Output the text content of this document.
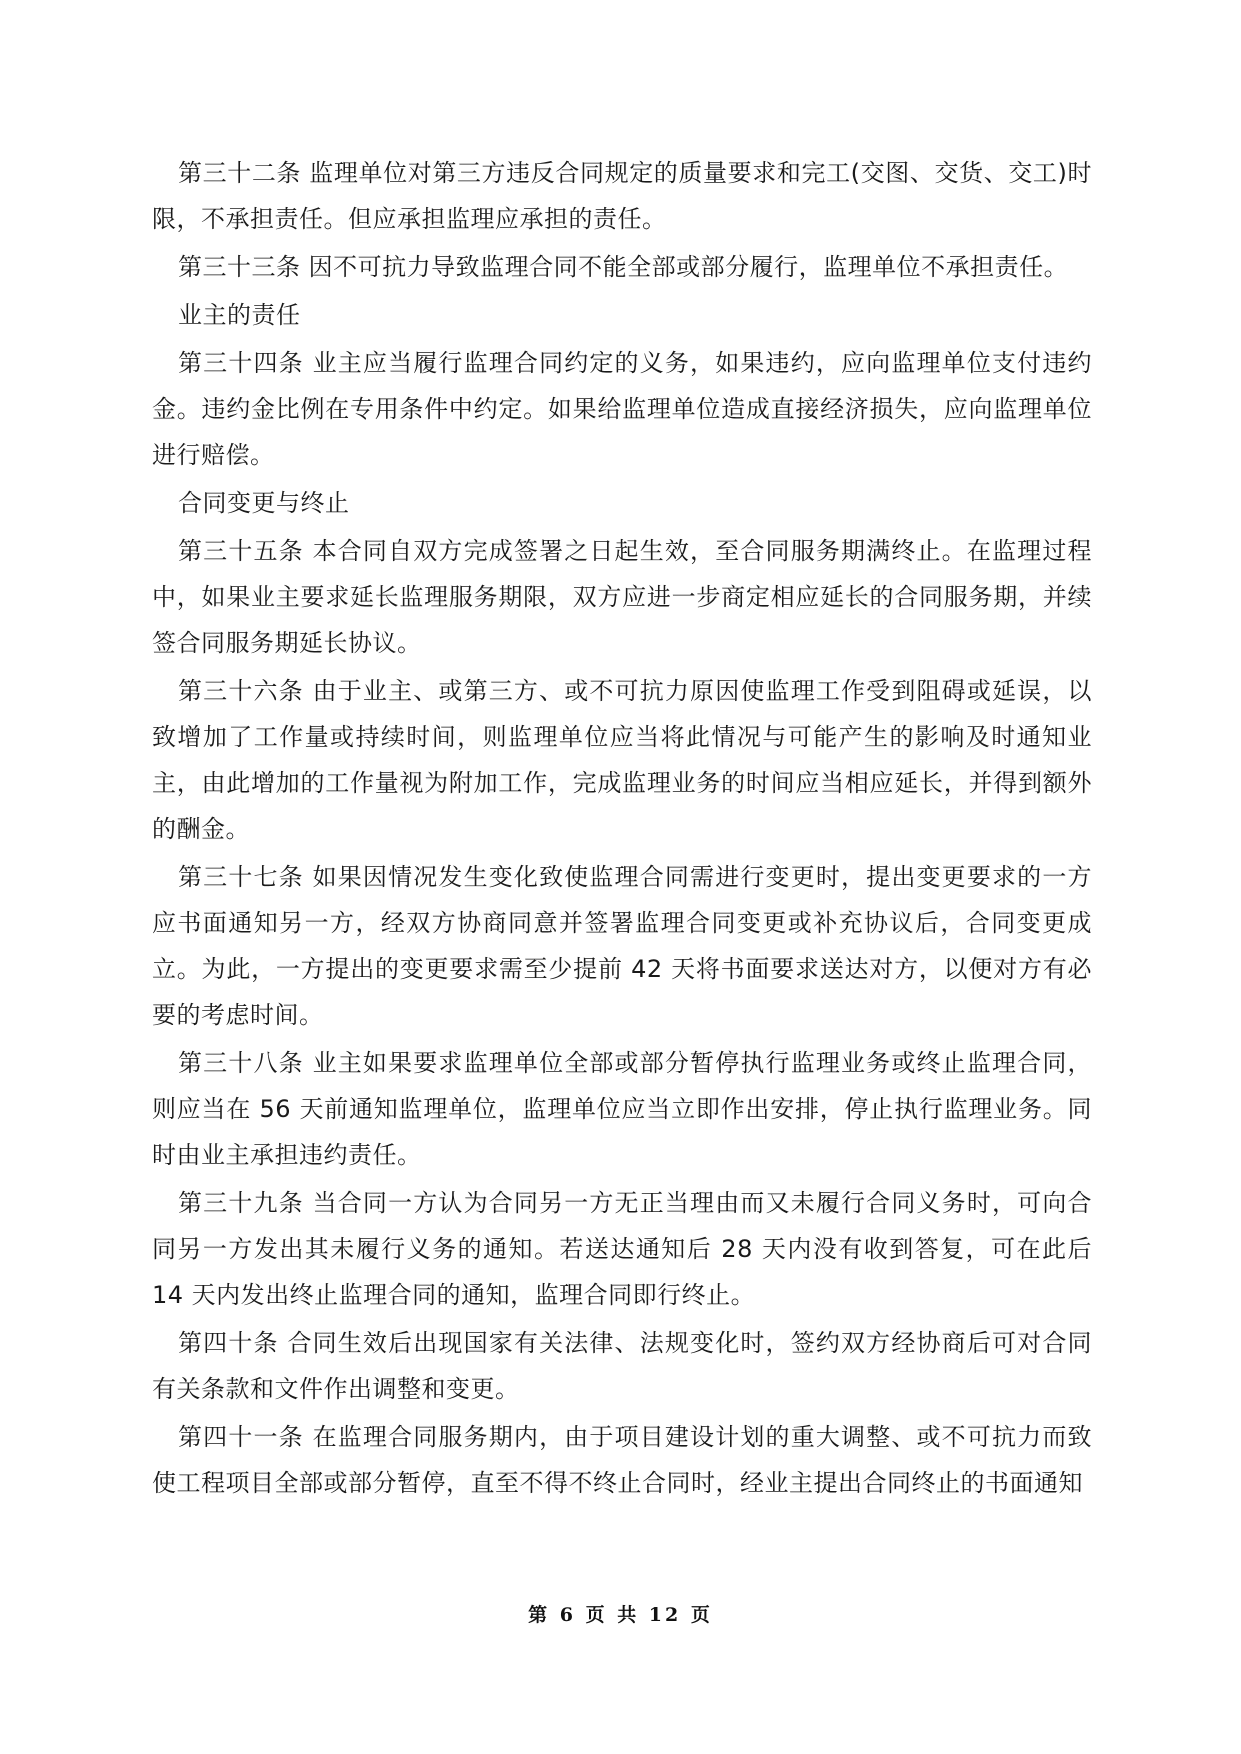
第三十二条 监理单位对第三方违反合同规定的质量要求和完工(交图、交货、交工)时限，不承担责任。但应承担监理应承担的责任。

第三十三条 因不可抗力导致监理合同不能全部或部分履行，监理单位不承担责任。

业主的责任

第三十四条 业主应当履行监理合同约定的义务，如果违约，应向监理单位支付违约金。违约金比例在专用条件中约定。如果给监理单位造成直接经济损失，应向监理单位进行赔偿。

合同变更与终止

第三十五条 本合同自双方完成签署之日起生效，至合同服务期满终止。在监理过程中，如果业主要求延长监理服务期限，双方应进一步商定相应延长的合同服务期，并续签合同服务期延长协议。

第三十六条 由于业主、或第三方、或不可抗力原因使监理工作受到阻碍或延误，以致增加了工作量或持续时间，则监理单位应当将此情况与可能产生的影响及时通知业主，由此增加的工作量视为附加工作，完成监理业务的时间应当相应延长，并得到额外的酬金。

第三十七条 如果因情况发生变化致使监理合同需进行变更时，提出变更要求的一方应书面通知另一方，经双方协商同意并签署监理合同变更或补充协议后，合同变更成立。为此，一方提出的变更要求需至少提前 42 天将书面要求送达对方，以便对方有必要的考虑时间。

第三十八条 业主如果要求监理单位全部或部分暂停执行监理业务或终止监理合同，则应当在 56 天前通知监理单位，监理单位应当立即作出安排，停止执行监理业务。同时由业主承担违约责任。

第三十九条 当合同一方认为合同另一方无正当理由而又未履行合同义务时，可向合同另一方发出其未履行义务的通知。若送达通知后 28 天内没有收到答复，可在此后 14 天内发出终止监理合同的通知，监理合同即行终止。

第四十条 合同生效后出现国家有关法律、法规变化时，签约双方经协商后可对合同有关条款和文件作出调整和变更。

第四十一条 在监理合同服务期内，由于项目建设计划的重大调整、或不可抗力而致使工程项目全部或部分暂停，直至不得不终止合同时，经业主提出合同终止的书面通知

第 6 页 共 12 页
